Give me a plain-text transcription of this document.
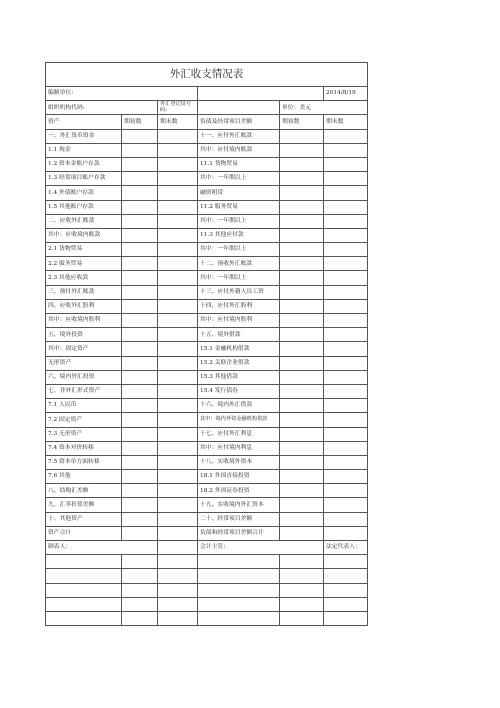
外汇收支情况表					
编制单位:					2014/8/19
组织机构代码:		外汇登记证号码:		单位：美元	
资产	期初数	期末数	负债及经常项目差额	期初数	期末数
一、外汇货币资金			十一、应付外汇账款		
1.1 现金			其中：应付境内账款		
1.2 资本金账户存款			11.1 货物贸易		
1.3 经常项目账户存款			其中：一年期以上		
1.4 外债账户存款			融资租赁		
1.5 其他账户存款			11.2 服务贸易		
二、应收外汇账款			其中：一年期以上		
其中：应收境内账款			11.3 其他应付款		
2.1 货物贸易			其中：一年期以上		
2.2 服务贸易			十二、预收外汇账款		
2.3 其他应收款			其中：一年期以上		
三、预付外汇账款			十三、应付外籍人员工资		
四、应收外汇股利			十四、应付外汇股利		
其中：应收境内股利			其中：应付境内股利		
五、境外投资			十五、境外借款		
其中：固定资产			15.1 金融机构借款		
无形资产			15.2 关联企业借款		
六、境内外汇投资			15.3 其他借款		
七、非外汇形式资产			15.4 发行债券		
7.1 人民币			十六、境内外汇借款		
7.2 固定资产			其中：境内外资金融机构借款		
7.3 无形资产			十七、应付外汇利息		
7.4 资本对价转移			其中：应付境内利息		
7.5 资本单方面转移			十八、实收境外资本		
7.6 其他			18.1 外国直接投资		
八、结购汇差额			18.2 外国证券投资		
九、汇率折算差额			十九、实收境内外汇资本		
十、其他资产			二十、经常项目差额		
资产合计			负债和经常项目差额合计		
制表人：			会计主管：		法定代表人：
